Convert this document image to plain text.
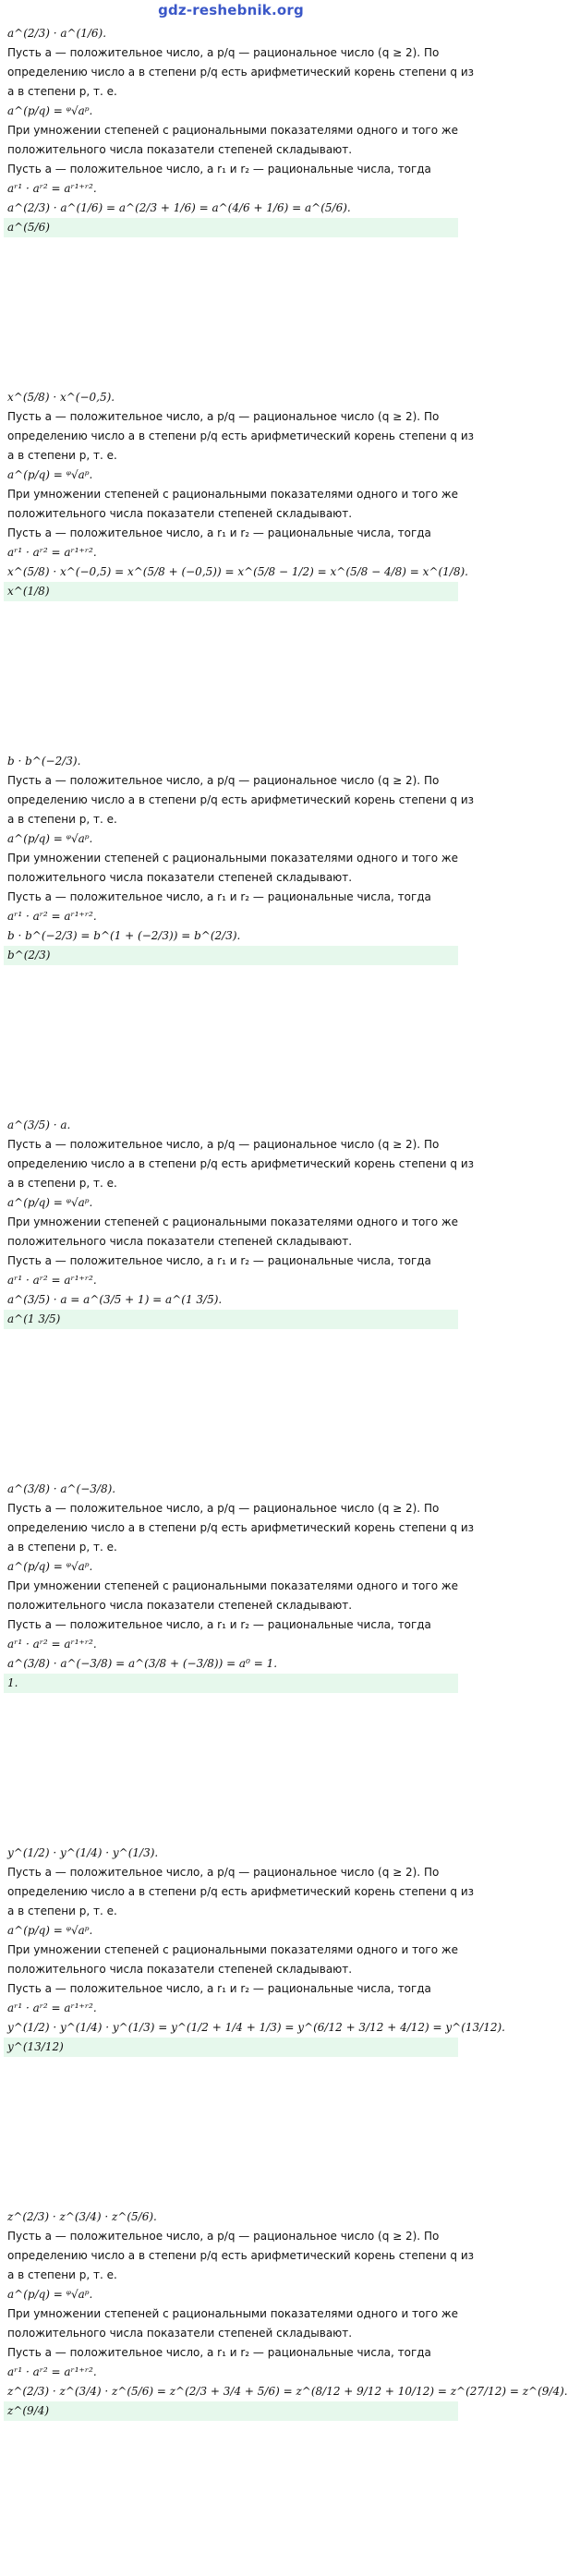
gdz-reshebnik.org
a^(2/3) · a^(1/6).
Пусть a — положительное число, а p/q — рациональное число (q ≥ 2). По
определению число a в степени p/q есть арифметический корень степени q из
a в степени p, т. е.
a^(p/q) = ᵠ√aᵖ.
При умножении степеней с рациональными показателями одного и того же
положительного числа показатели степеней складывают.
Пусть a — положительное число, а r₁ и r₂ — рациональные числа, тогда
aʳ¹ · aʳ² = aʳ¹⁺ʳ².
a^(2/3) · a^(1/6) = a^(2/3 + 1/6) = a^(4/6 + 1/6) = a^(5/6).
a^(5/6)
x^(5/8) · x^(−0,5).
Пусть a — положительное число, а p/q — рациональное число (q ≥ 2). По
определению число a в степени p/q есть арифметический корень степени q из
a в степени p, т. е.
a^(p/q) = ᵠ√aᵖ.
При умножении степеней с рациональными показателями одного и того же
положительного числа показатели степеней складывают.
Пусть a — положительное число, а r₁ и r₂ — рациональные числа, тогда
aʳ¹ · aʳ² = aʳ¹⁺ʳ².
x^(5/8) · x^(−0,5) = x^(5/8 + (−0,5)) = x^(5/8 − 1/2) = x^(5/8 − 4/8) = x^(1/8).
x^(1/8)
b · b^(−2/3).
Пусть a — положительное число, а p/q — рациональное число (q ≥ 2). По
определению число a в степени p/q есть арифметический корень степени q из
a в степени p, т. е.
a^(p/q) = ᵠ√aᵖ.
При умножении степеней с рациональными показателями одного и того же
положительного числа показатели степеней складывают.
Пусть a — положительное число, а r₁ и r₂ — рациональные числа, тогда
aʳ¹ · aʳ² = aʳ¹⁺ʳ².
b · b^(−2/3) = b^(1 + (−2/3)) = b^(2/3).
b^(2/3)
a^(3/5) · a.
Пусть a — положительное число, а p/q — рациональное число (q ≥ 2). По
определению число a в степени p/q есть арифметический корень степени q из
a в степени p, т. е.
a^(p/q) = ᵠ√aᵖ.
При умножении степеней с рациональными показателями одного и того же
положительного числа показатели степеней складывают.
Пусть a — положительное число, а r₁ и r₂ — рациональные числа, тогда
aʳ¹ · aʳ² = aʳ¹⁺ʳ².
a^(3/5) · a = a^(3/5 + 1) = a^(1 3/5).
a^(1 3/5)
a^(3/8) · a^(−3/8).
Пусть a — положительное число, а p/q — рациональное число (q ≥ 2). По
определению число a в степени p/q есть арифметический корень степени q из
a в степени p, т. е.
a^(p/q) = ᵠ√aᵖ.
При умножении степеней с рациональными показателями одного и того же
положительного числа показатели степеней складывают.
Пусть a — положительное число, а r₁ и r₂ — рациональные числа, тогда
aʳ¹ · aʳ² = aʳ¹⁺ʳ².
a^(3/8) · a^(−3/8) = a^(3/8 + (−3/8)) = a⁰ = 1.
1.
y^(1/2) · y^(1/4) · y^(1/3).
Пусть a — положительное число, а p/q — рациональное число (q ≥ 2). По
определению число a в степени p/q есть арифметический корень степени q из
a в степени p, т. е.
a^(p/q) = ᵠ√aᵖ.
При умножении степеней с рациональными показателями одного и того же
положительного числа показатели степеней складывают.
Пусть a — положительное число, а r₁ и r₂ — рациональные числа, тогда
aʳ¹ · aʳ² = aʳ¹⁺ʳ².
y^(1/2) · y^(1/4) · y^(1/3) = y^(1/2 + 1/4 + 1/3) = y^(6/12 + 3/12 + 4/12) = y^(13/12).
y^(13/12)
z^(2/3) · z^(3/4) · z^(5/6).
Пусть a — положительное число, а p/q — рациональное число (q ≥ 2). По
определению число a в степени p/q есть арифметический корень степени q из
a в степени p, т. е.
a^(p/q) = ᵠ√aᵖ.
При умножении степеней с рациональными показателями одного и того же
положительного числа показатели степеней складывают.
Пусть a — положительное число, а r₁ и r₂ — рациональные числа, тогда
aʳ¹ · aʳ² = aʳ¹⁺ʳ².
z^(2/3) · z^(3/4) · z^(5/6) = z^(2/3 + 3/4 + 5/6) = z^(8/12 + 9/12 + 10/12) = z^(27/12) = z^(9/4).
z^(9/4)
